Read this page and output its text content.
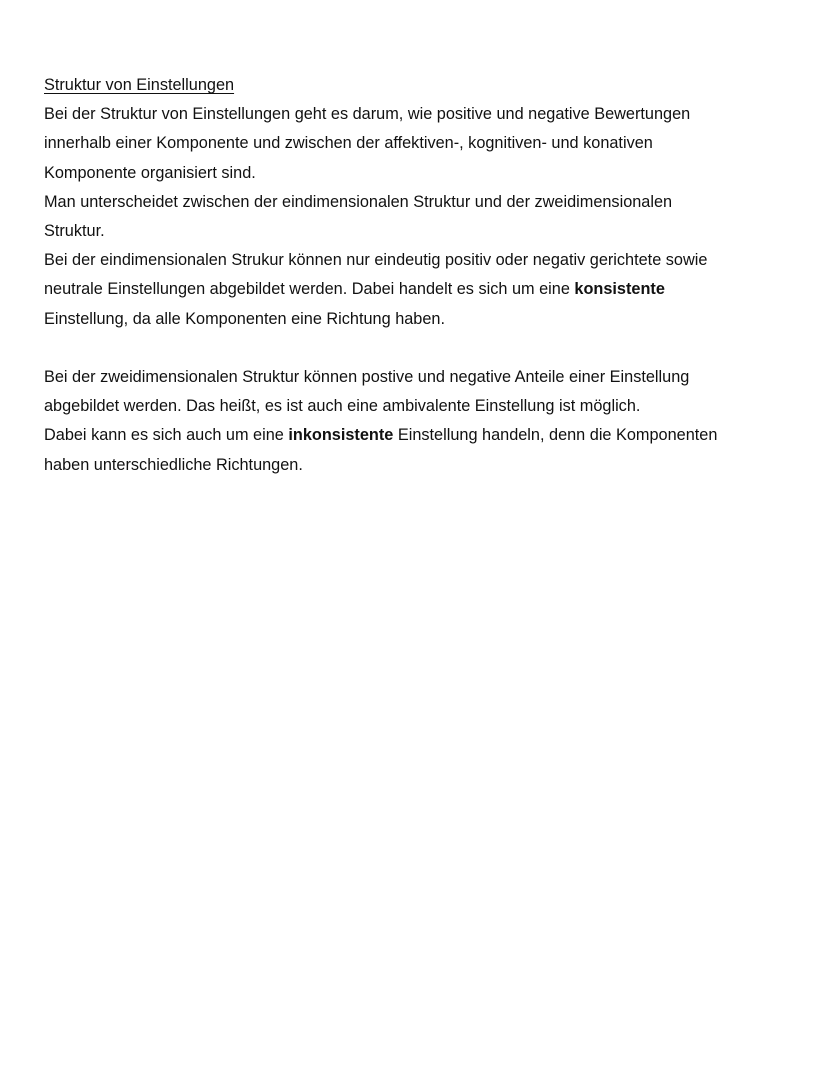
Struktur von Einstellungen
Bei der Struktur von Einstellungen geht es darum, wie positive und negative Bewertungen
innerhalb einer Komponente und zwischen der affektiven-, kognitiven- und konativen
Komponente organisiert sind.
Man unterscheidet zwischen der eindimensionalen Struktur und der zweidimensionalen
Struktur.
Bei der eindimensionalen Strukur können nur eindeutig positiv oder negativ gerichtete sowie
neutrale Einstellungen abgebildet werden. Dabei handelt es sich um eine konsistente
Einstellung, da alle Komponenten eine Richtung haben.
Bei der zweidimensionalen Struktur können postive und negative Anteile einer Einstellung
abgebildet werden. Das heißt, es ist auch eine ambivalente Einstellung ist möglich.
Dabei kann es sich auch um eine inkonsistente Einstellung handeln, denn die Komponenten
haben unterschiedliche Richtungen.
